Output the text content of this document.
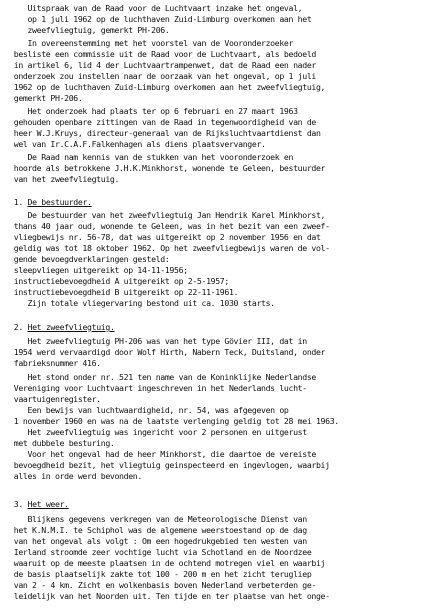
Uitspraak van de Raad voor de Luchtvaart inzake het ongeval,
op 1 juli 1962 op de luchthaven Zuid-Limburg overkomen aan het
zweefvliegtuig, gemerkt PH-206.
In overeenstemming met het voorstel van de Vooronderzoeker
besliste een commissie uit de Raad voor de Luchtvaart, als bedoeld
in artikel 6, lid 4 der Luchtvaartrampenwet, dat de Raad een nader
onderzoek zou instellen naar de oorzaak van het ongeval, op 1 juli
1962 op de luchthaven Zuid-Limburg overkomen aan het zweefvliegtuig,
gemerkt PH-206.
Het onderzoek had plaats ter op 6 februari en 27 maart 1963
gehouden openbare zittingen van de Raad in tegenwoordigheid van de
heer W.J.Kruys, directeur-generaal van de Rijksluchtvaartdienst dan
wel van Ir.C.A.F.Falkenhagen als diens plaatsvervanger.
De Raad nam kennis van de stukken van het vooronderzoek en
hoorde als betrokkene J.H.K.Minkhorst, wonende te Geleen, bestuurder
van het zweefvliegtuig.
1. De bestuurder.
De bestuurder van het zweefvliegtuig Jan Hendrik Karel Minkhorst,
thans 40 jaar oud, wonende te Geleen, was in het bezit van een zweef-
vliegbewijs nr. 56-78, dat was uitgereikt op 2 november 1956 en dat
geldig was tot 18 oktober 1962. Op het zweefvliegbewijs waren de vol-
gende bevoegdverklaringen gesteld:
sleepvliegen uitgereikt op 14-11-1956;
instructiebevoegdheid A uitgereikt op 2-5-1957;
instructiebevoegdheid B uitgereikt op 22-11-1961.
Zijn totale vliegervaring bestond uit ca. 1030 starts.
2. Het zweefvliegtuig.
Het zweefvliegtuig PH-206 was van het type Gövier III, dat in
1954 werd vervaardigd door Wolf Hirth, Nabern Teck, Duitsland, onder
fabrieksnummer 416.
Het stond onder nr. 521 ten name van de Koninklijke Nederlandse
Vereniging voor Luchtvaart ingeschreven in het Nederlands lucht-
vaartuigenregister.
Een bewijs van luchtwaardigheid, nr. 54, was afgegeven op
1 november 1960 en was na de laatste verlenging geldig tot 28 mei 1963.
Het zweefvliegtuig was ingericht voor 2 personen en uitgerust
met dubbele besturing.
Voor het ongeval had de heer Minkhorst, die daartoe de vereiste
bevoegdheid bezit, het vliegtuig geinspecteerd en ingevlogen, waarbij
alles in orde werd bevonden.
3. Het weer.
Blijkens gegevens verkregen van de Meteorologische Dienst van
het K.N.M.I. te Schiphol was de algemene weerstoestand op de dag
van het ongeval als volgt : Om een hogedrukgebied ten westen van
Ierland stroomde zeer vochtige lucht via Schotland en de Noordzee
waaruit op de meeste plaatsen in de ochtend motregen viel en waarbij
de basis plaatselijk zakte tot 100 - 200 m en het zicht terugliep
van 2 - 4 km. Zicht en wolkenbasis boven Nederland verbeterden ge-
leidelijk van het Noorden uit. Ten tijde en ter plaatse van het onge-
